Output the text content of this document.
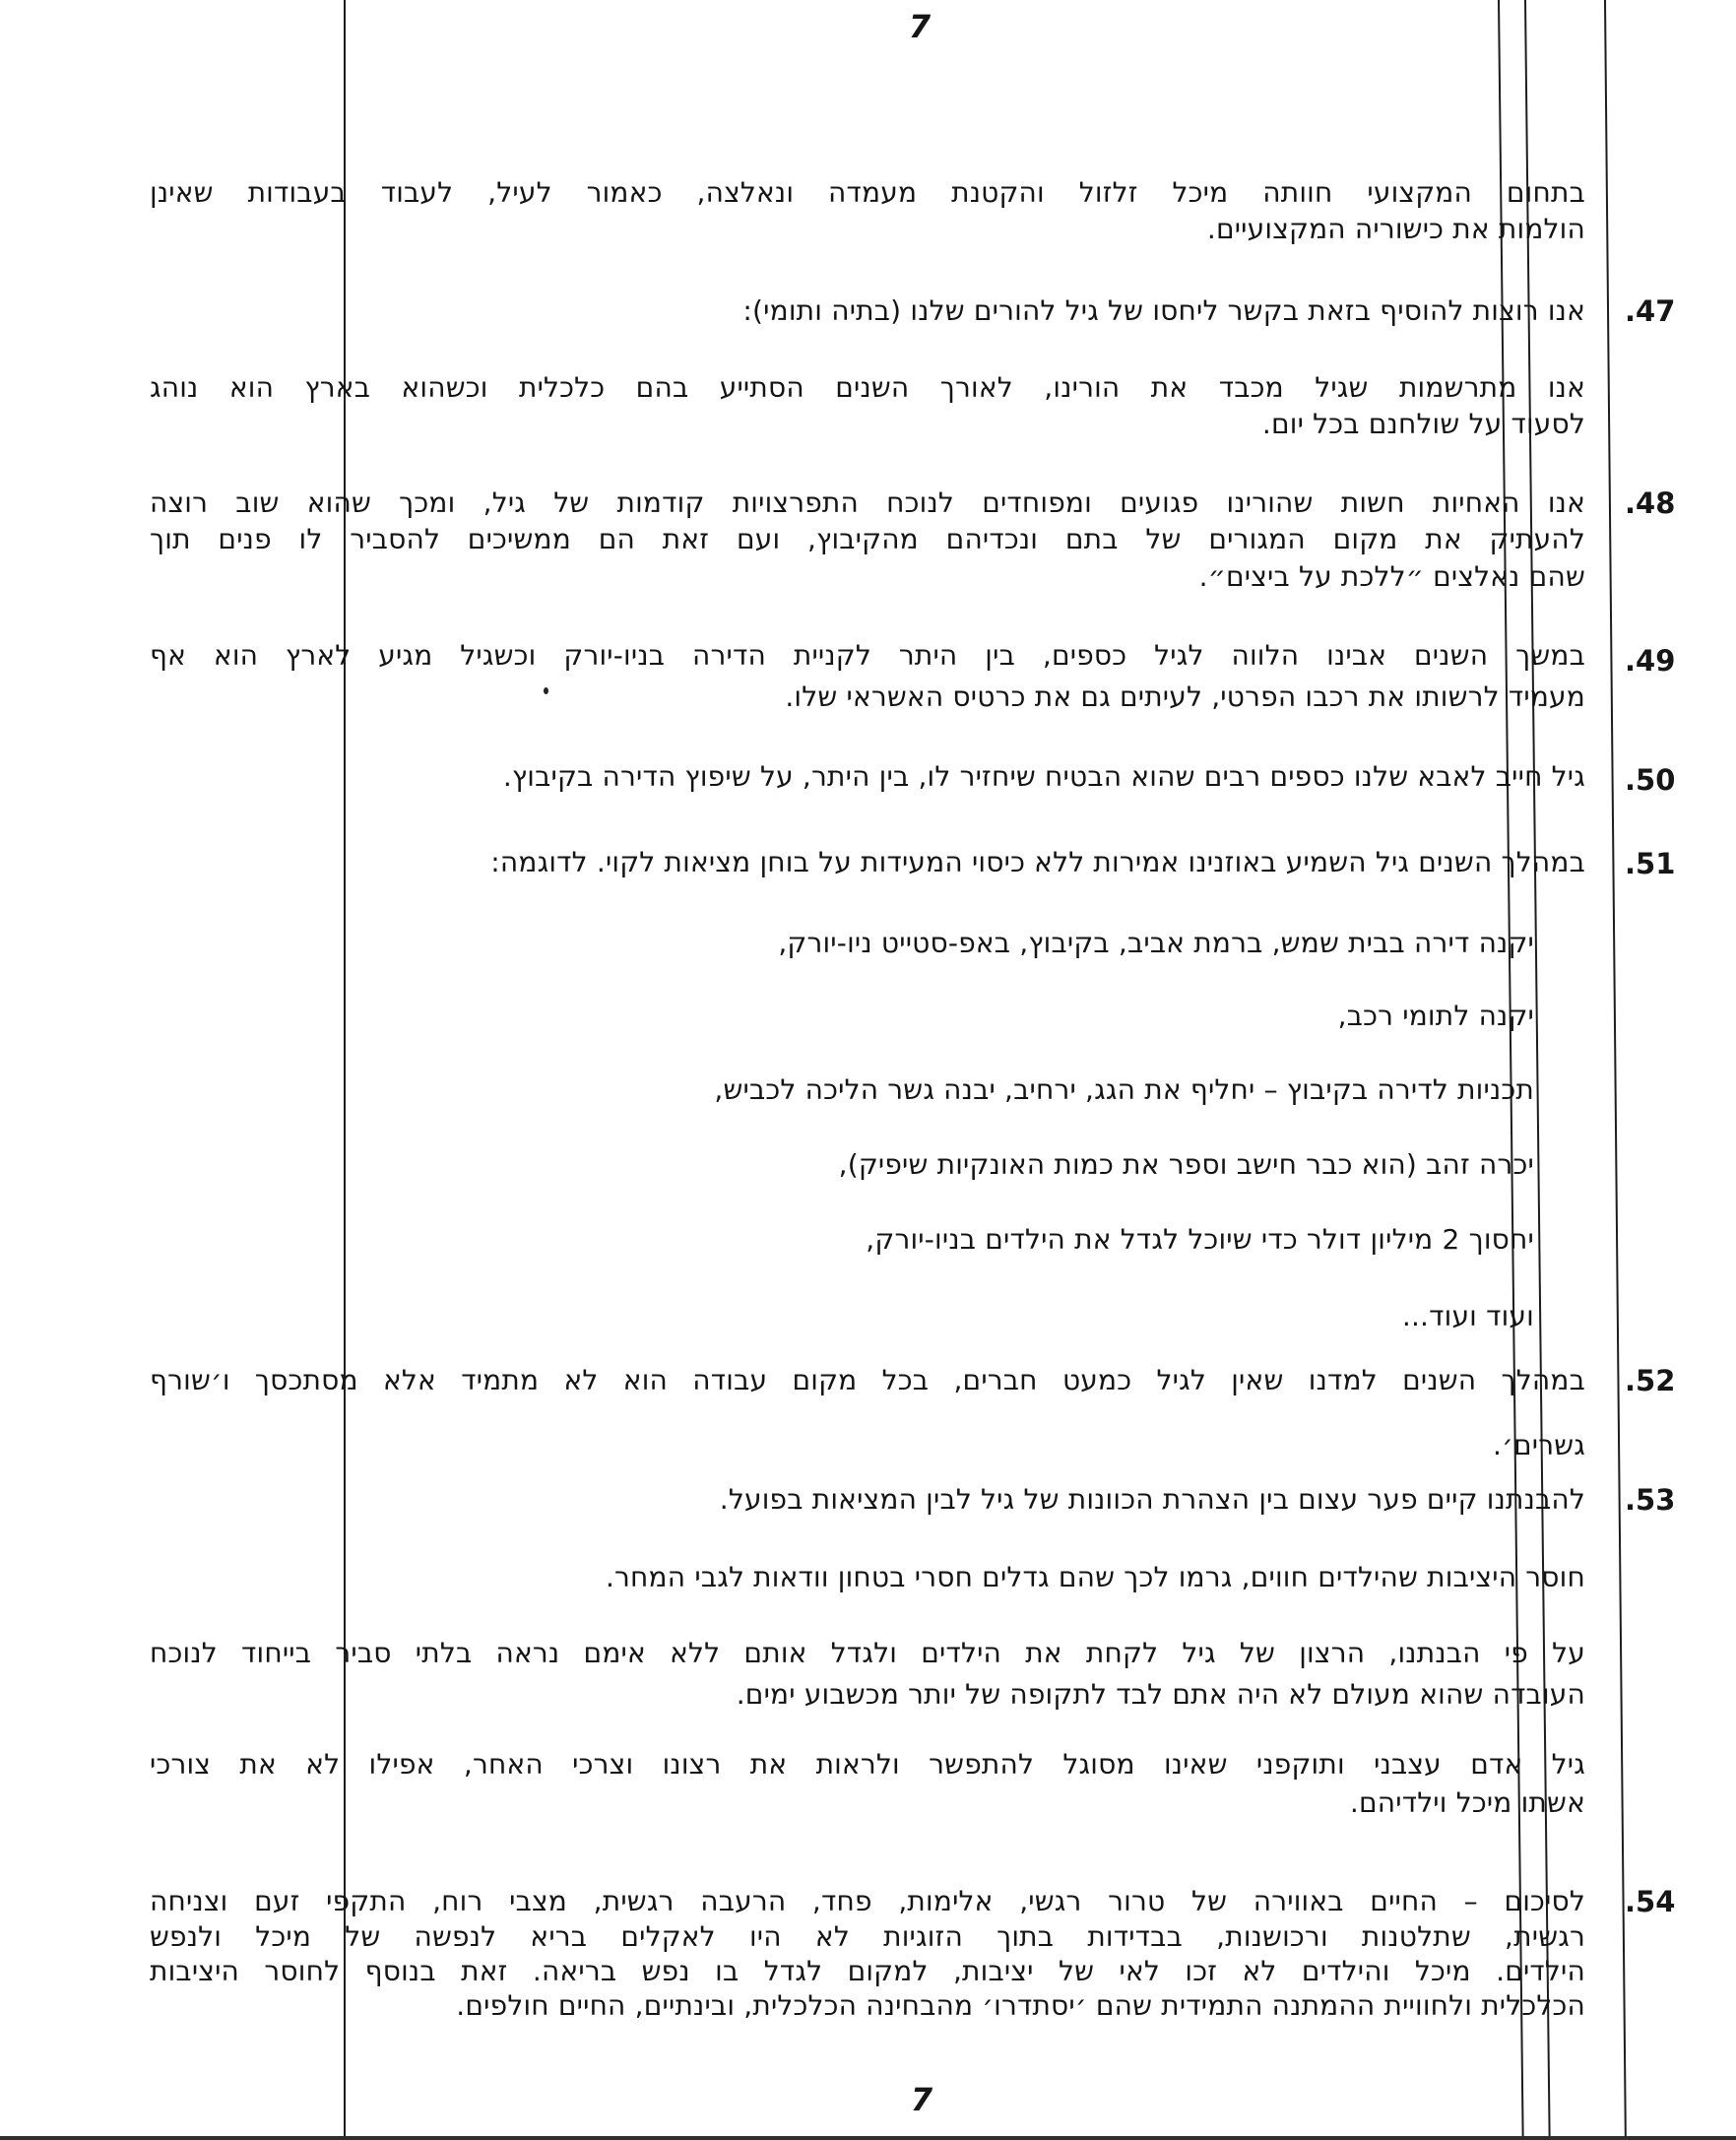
7
7
בתחום המקצועי חוותה מיכל זלזול והקטנת מעמדה ונאלצה, כאמור לעיל, לעבוד בעבודות שאינן
הולמות את כישוריה המקצועיים.
.47
אנו רוצות להוסיף בזאת בקשר ליחסו של גיל להורים שלנו (בתיה ותומי):
אנו מתרשמות שגיל מכבד את הורינו, לאורך השנים הסתייע בהם כלכלית וכשהוא בארץ הוא נוהג
לסעוד על שולחנם בכל יום.
.48
אנו האחיות חשות שהורינו פגועים ומפוחדים לנוכח התפרצויות קודמות של גיל, ומכך שהוא שוב רוצה
להעתיק את מקום המגורים של בתם ונכדיהם מהקיבוץ, ועם זאת הם ממשיכים להסביר לו פנים תוך
שהם נאלצים ״ללכת על ביצים״.
.49
במשך השנים אבינו הלווה לגיל כספים, בין היתר לקניית הדירה בניו-יורק וכשגיל מגיע לארץ הוא אף
מעמיד לרשותו את רכבו הפרטי, לעיתים גם את כרטיס האשראי שלו.
.50
גיל חייב לאבא שלנו כספים רבים שהוא הבטיח שיחזיר לו, בין היתר, על שיפוץ הדירה בקיבוץ.
.51
במהלך השנים גיל השמיע באוזנינו אמירות ללא כיסוי המעידות על בוחן מציאות לקוי. לדוגמה:
יקנה דירה בבית שמש, ברמת אביב, בקיבוץ, באפ-סטייט ניו-יורק,
יקנה לתומי רכב,
תכניות לדירה בקיבוץ – יחליף את הגג, ירחיב, יבנה גשר הליכה לכביש,
יכרה זהב (הוא כבר חישב וספר את כמות האונקיות שיפיק),
יחסוך 2 מיליון דולר כדי שיוכל לגדל את הילדים בניו-יורק,
ועוד ועוד...
.52
במהלך השנים למדנו שאין לגיל כמעט חברים, בכל מקום עבודה הוא לא מתמיד אלא מסתכסך ו׳שורף
גשרים׳.
.53
להבנתנו קיים פער עצום בין הצהרת הכוונות של גיל לבין המציאות בפועל.
חוסר היציבות שהילדים חווים, גרמו לכך שהם גדלים חסרי בטחון וודאות לגבי המחר.
על פי הבנתנו, הרצון של גיל לקחת את הילדים ולגדל אותם ללא אימם נראה בלתי סביר בייחוד לנוכח
העובדה שהוא מעולם לא היה אתם לבד לתקופה של יותר מכשבוע ימים.
גיל אדם עצבני ותוקפני שאינו מסוגל להתפשר ולראות את רצונו וצרכי האחר, אפילו לא את צורכי
אשתו מיכל וילדיהם.
.54
לסיכום – החיים באווירה של טרור רגשי, אלימות, פחד, הרעבה רגשית, מצבי רוח, התקפי זעם וצניחה
רגשית, שתלטנות ורכושנות, בבדידות בתוך הזוגיות לא היו לאקלים בריא לנפשה של מיכל ולנפש
הילדים. מיכל והילדים לא זכו לאי של יציבות, למקום לגדל בו נפש בריאה. זאת בנוסף לחוסר היציבות
הכלכלית ולחוויית ההמתנה התמידית שהם ׳יסתדרו׳ מהבחינה הכלכלית, ובינתיים, החיים חולפים.
